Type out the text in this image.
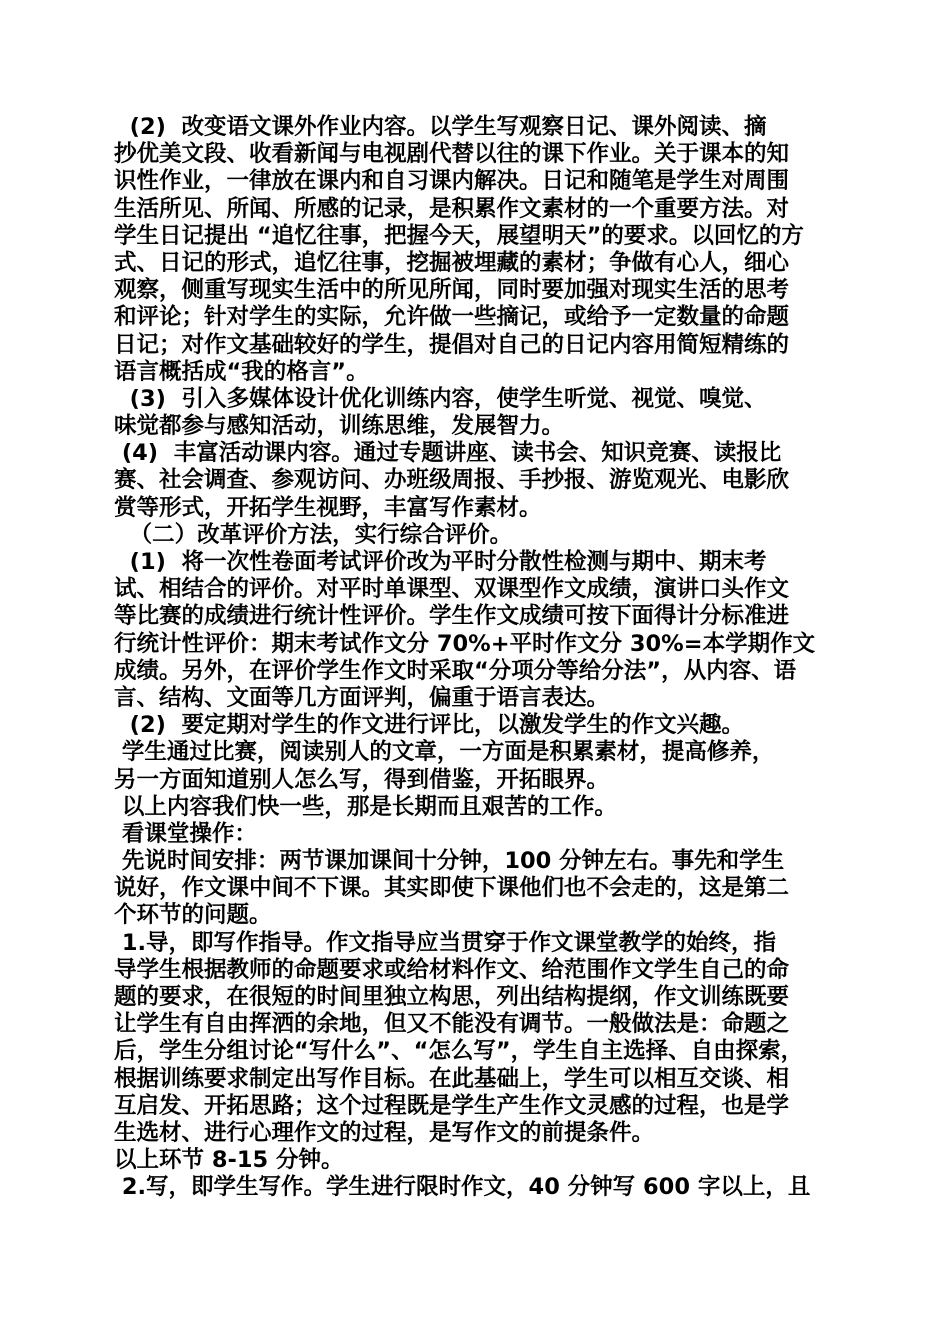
(2)  改变语文课外作业内容。以学生写观察日记、课外阅读、摘
抄优美文段、收看新闻与电视剧代替以往的课下作业。关于课本的知
识性作业，一律放在课内和自习课内解决。日记和随笔是学生对周围
生活所见、所闻、所感的记录，是积累作文素材的一个重要方法。对
学生日记提出 “追忆往事，把握今天，展望明天”的要求。以回忆的方
式、日记的形式，追忆往事，挖掘被埋藏的素材；争做有心人，细心
观察，侧重写现实生活中的所见所闻，同时要加强对现实生活的思考
和评论；针对学生的实际，允许做一些摘记，或给予一定数量的命题
日记；对作文基础较好的学生，提倡对自己的日记内容用简短精练的
语言概括成“我的格言”。
(3)  引入多媒体设计优化训练内容，使学生听觉、视觉、嗅觉、
味觉都参与感知活动，训练思维，发展智力。
(4)  丰富活动课内容。通过专题讲座、读书会、知识竞赛、读报比
赛、社会调查、参观访问、办班级周报、手抄报、游览观光、电影欣
赏等形式，开拓学生视野，丰富写作素材。
（二）改革评价方法，实行综合评价。
(1)  将一次性卷面考试评价改为平时分散性检测与期中、期末考
试、相结合的评价。对平时单课型、双课型作文成绩，演讲口头作文
等比赛的成绩进行统计性评价。学生作文成绩可按下面得计分标准进
行统计性评价：期末考试作文分 70%+平时作文分 30%=本学期作文
成绩。另外，在评价学生作文时采取“分项分等给分法”，从内容、语
言、结构、文面等几方面评判，偏重于语言表达。
(2)  要定期对学生的作文进行评比，以激发学生的作文兴趣。
学生通过比赛，阅读别人的文章，一方面是积累素材，提高修养，
另一方面知道别人怎么写，得到借鉴，开拓眼界。
以上内容我们快一些，那是长期而且艰苦的工作。
看课堂操作：
先说时间安排：两节课加课间十分钟，100 分钟左右。事先和学生
说好，作文课中间不下课。其实即使下课他们也不会走的，这是第二
个环节的问题。
1.导，即写作指导。作文指导应当贯穿于作文课堂教学的始终，指
导学生根据教师的命题要求或给材料作文、给范围作文学生自己的命
题的要求，在很短的时间里独立构思，列出结构提纲，作文训练既要
让学生有自由挥洒的余地，但又不能没有调节。一般做法是：命题之
后，学生分组讨论“写什么”、“怎么写”，学生自主选择、自由探索，
根据训练要求制定出写作目标。在此基础上，学生可以相互交谈、相
互启发、开拓思路；这个过程既是学生产生作文灵感的过程，也是学
生选材、进行心理作文的过程，是写作文的前提条件。
以上环节 8-15 分钟。
2.写，即学生写作。学生进行限时作文，40 分钟写 600 字以上，且
